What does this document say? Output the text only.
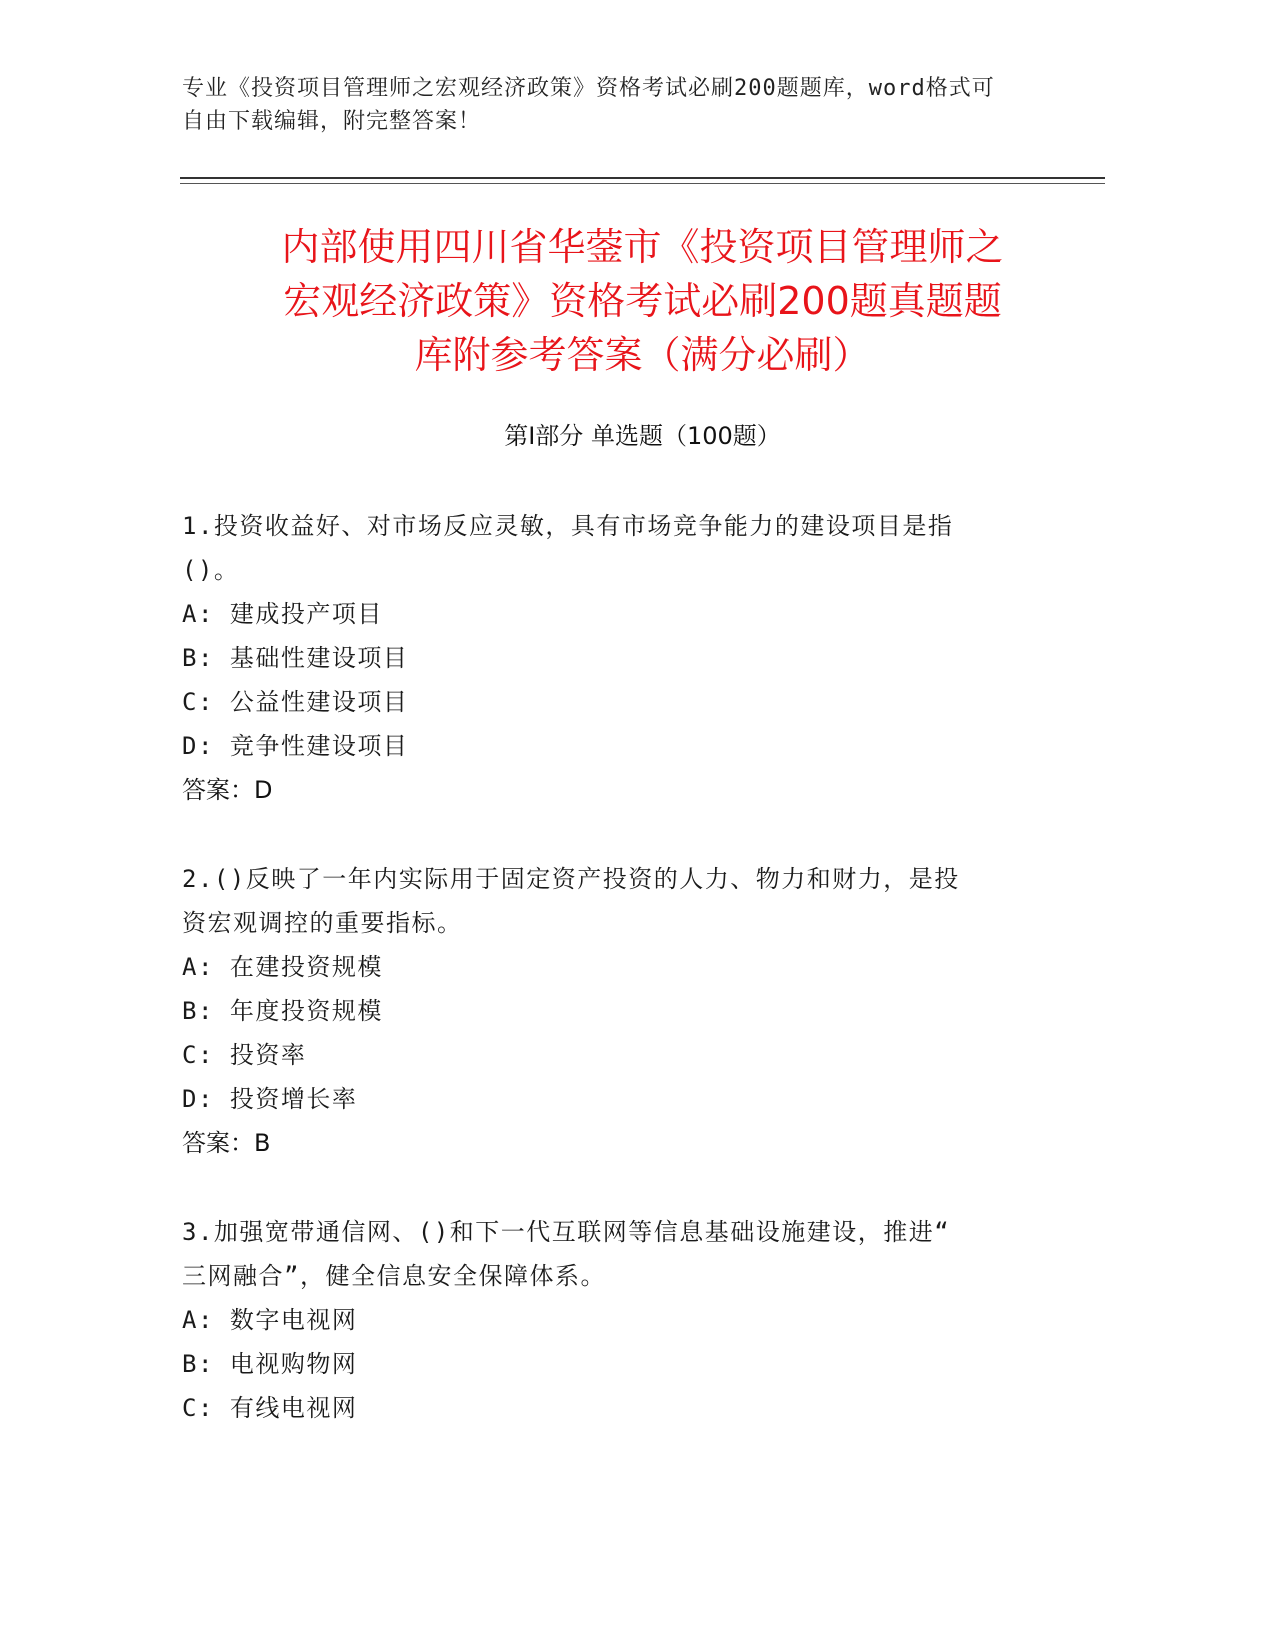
专业《投资项目管理师之宏观经济政策》资格考试必刷200题题库，word格式可
自由下载编辑，附完整答案！
内部使用四川省华蓥市《投资项目管理师之
宏观经济政策》资格考试必刷200题真题题
库附参考答案（满分必刷）
第Ⅰ部分 单选题（100题）
1.投资收益好、对市场反应灵敏，具有市场竞争能力的建设项目是指
()。
A: 建成投产项目
B: 基础性建设项目
C: 公益性建设项目
D: 竞争性建设项目
答案：D
2.()反映了一年内实际用于固定资产投资的人力、物力和财力，是投
资宏观调控的重要指标。
A: 在建投资规模
B: 年度投资规模
C: 投资率
D: 投资增长率
答案：B
3.加强宽带通信网、()和下一代互联网等信息基础设施建设，推进“
三网融合”，健全信息安全保障体系。
A: 数字电视网
B: 电视购物网
C: 有线电视网
